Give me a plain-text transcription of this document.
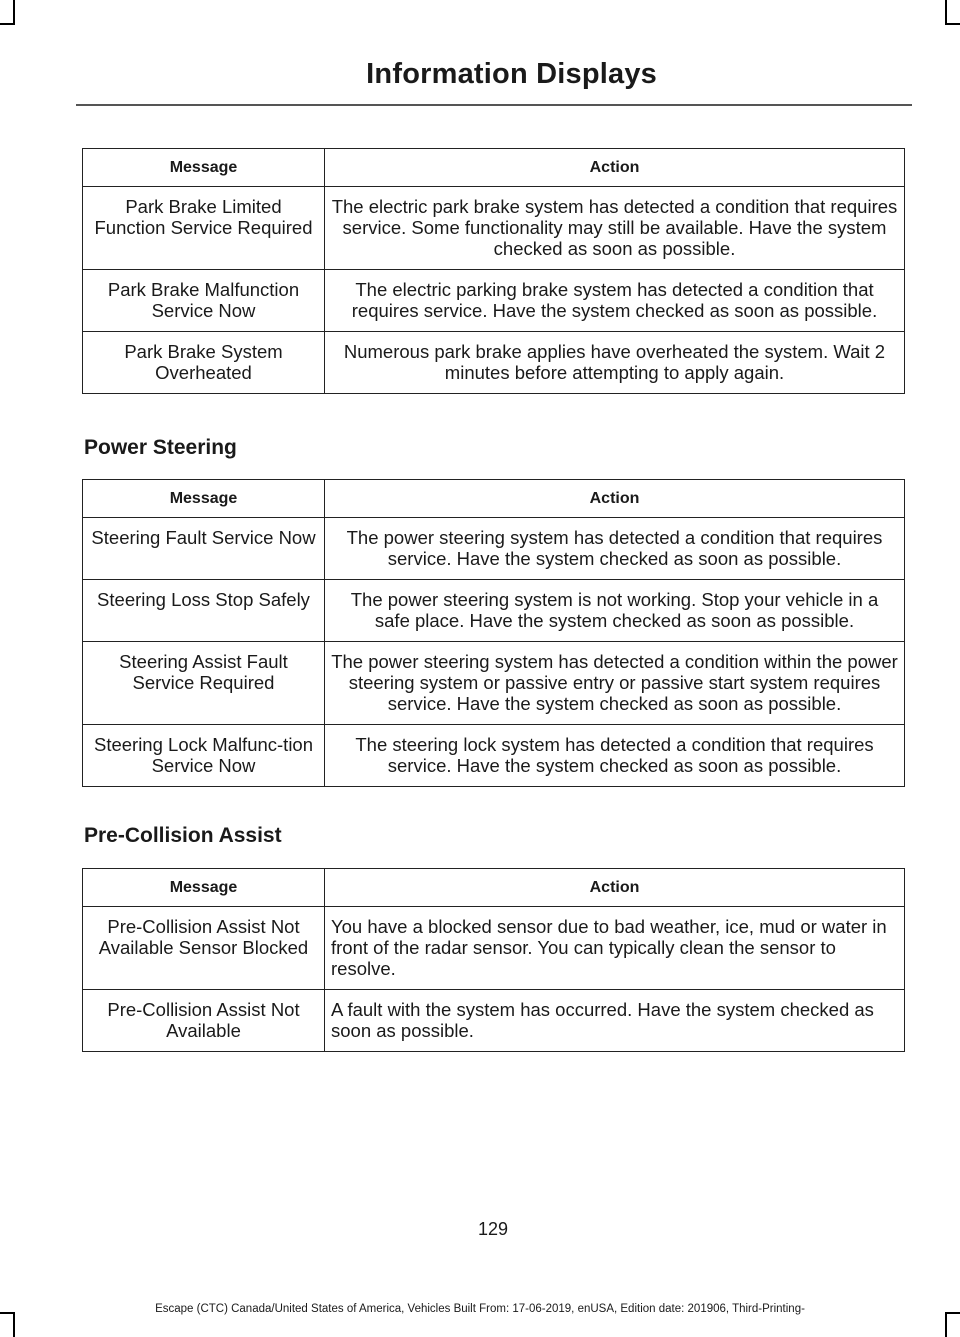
Information Displays
Message	Action
Park Brake Limited Function Service Required	The electric park brake system has detected a condition that requires service. Some functionality may still be available. Have the system checked as soon as possible.
Park Brake Malfunction Service Now	The electric parking brake system has detected a condition that requires service. Have the system checked as soon as possible.
Park Brake System Overheated	Numerous park brake applies have overheated the system. Wait 2 minutes before attempting to apply again.
Power Steering
Message	Action
Steering Fault Service Now	The power steering system has detected a condition that requires service. Have the system checked as soon as possible.
Steering Loss Stop Safely	The power steering system is not working. Stop your vehicle in a safe place. Have the system checked as soon as possible.
Steering Assist Fault Service Required	The power steering system has detected a condition within the power steering system or passive entry or passive start system requires service. Have the system checked as soon as possible.
Steering Lock Malfunc-tion Service Now	The steering lock system has detected a condition that requires service. Have the system checked as soon as possible.
Pre-Collision Assist
Message	Action
Pre-Collision Assist Not Available Sensor Blocked	You have a blocked sensor due to bad weather, ice, mud or water in front of the radar sensor. You can typically clean the sensor to resolve.
Pre-Collision Assist Not Available	A fault with the system has occurred. Have the system checked as soon as possible.
129
Escape (CTC) Canada/United States of America, Vehicles Built From: 17-06-2019, enUSA, Edition date: 201906, Third-Printing-
